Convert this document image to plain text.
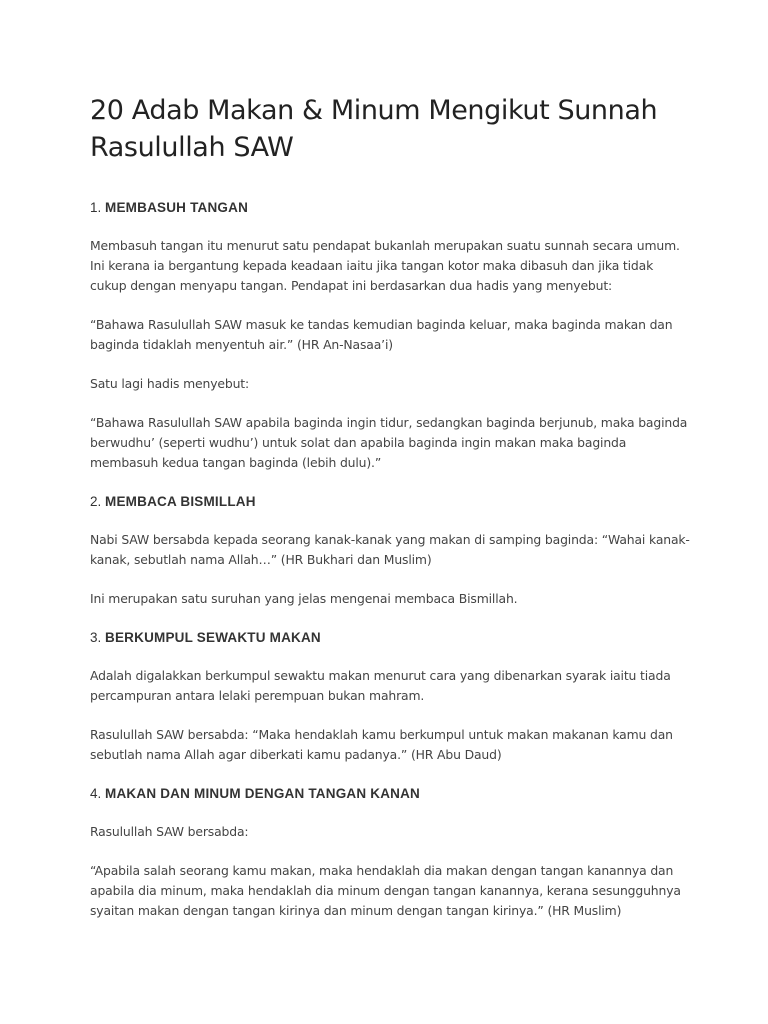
20 Adab Makan & Minum Mengikut Sunnah Rasulullah SAW
1. MEMBASUH TANGAN

Membasuh tangan itu menurut satu pendapat bukanlah merupakan suatu sunnah secara umum. Ini kerana ia bergantung kepada keadaan iaitu jika tangan kotor maka dibasuh dan jika tidak cukup dengan menyapu tangan. Pendapat ini berdasarkan dua hadis yang menyebut:

“Bahawa Rasulullah SAW masuk ke tandas kemudian baginda keluar, maka baginda makan dan baginda tidaklah menyentuh air.” (HR An-Nasaa’i)

Satu lagi hadis menyebut:

“Bahawa Rasulullah SAW apabila baginda ingin tidur, sedangkan baginda berjunub, maka baginda berwudhu’ (seperti wudhu’) untuk solat dan apabila baginda ingin makan maka baginda membasuh kedua tangan baginda (lebih dulu).”

2. MEMBACA BISMILLAH

Nabi SAW bersabda kepada seorang kanak-kanak yang makan di samping baginda: “Wahai kanak-kanak, sebutlah nama Allah…” (HR Bukhari dan Muslim)

Ini merupakan satu suruhan yang jelas mengenai membaca Bismillah.

3. BERKUMPUL SEWAKTU MAKAN

Adalah digalakkan berkumpul sewaktu makan menurut cara yang dibenarkan syarak iaitu tiada percampuran antara lelaki perempuan bukan mahram.

Rasulullah SAW bersabda: “Maka hendaklah kamu berkumpul untuk makan makanan kamu dan sebutlah nama Allah agar diberkati kamu padanya.” (HR Abu Daud)

4. MAKAN DAN MINUM DENGAN TANGAN KANAN

Rasulullah SAW bersabda:

“Apabila salah seorang kamu makan, maka hendaklah dia makan dengan tangan kanannya dan apabila dia minum, maka hendaklah dia minum dengan tangan kanannya, kerana sesungguhnya syaitan makan dengan tangan kirinya dan minum dengan tangan kirinya.” (HR Muslim)
